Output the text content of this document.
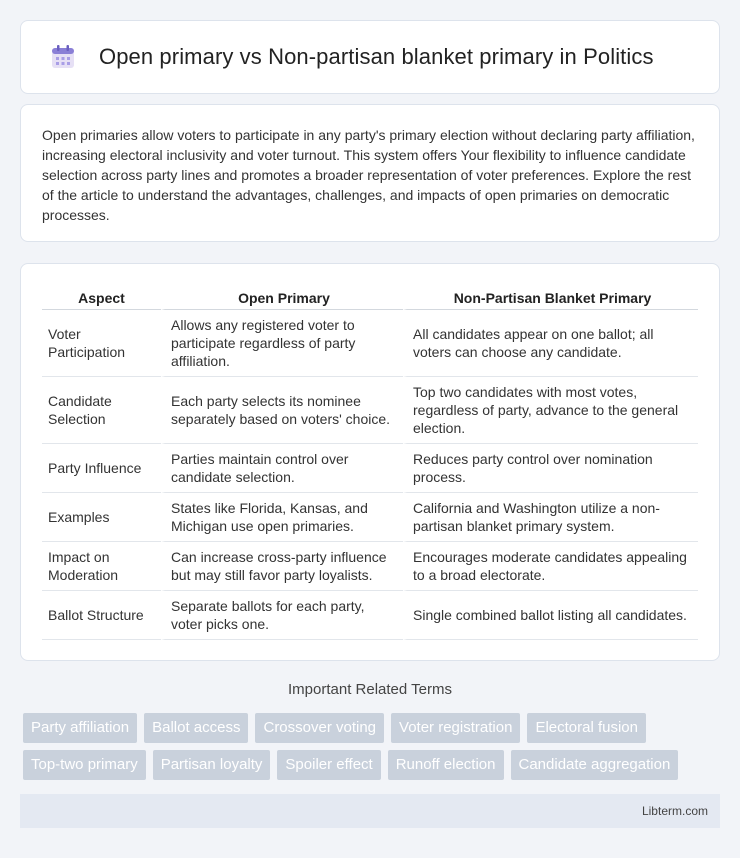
Open primary vs Non-partisan blanket primary in Politics

Open primaries allow voters to participate in any party's primary election without declaring party affiliation, increasing electoral inclusivity and voter turnout. This system offers Your flexibility to influence candidate selection across party lines and promotes a broader representation of voter preferences. Explore the rest of the article to understand the advantages, challenges, and impacts of open primaries on democratic processes.

Aspect	Open Primary	Non-Partisan Blanket Primary
Voter Participation	Allows any registered voter to participate regardless of party affiliation.	All candidates appear on one ballot; all voters can choose any candidate.
Candidate Selection	Each party selects its nominee separately based on voters' choice.	Top two candidates with most votes, regardless of party, advance to the general election.
Party Influence	Parties maintain control over candidate selection.	Reduces party control over nomination process.
Examples	States like Florida, Kansas, and Michigan use open primaries.	California and Washington utilize a non-partisan blanket primary system.
Impact on Moderation	Can increase cross-party influence but may still favor party loyalists.	Encourages moderate candidates appealing to a broad electorate.
Ballot Structure	Separate ballots for each party, voter picks one.	Single combined ballot listing all candidates.
Important Related Terms
Party affiliation	Ballot access	Crossover voting	Voter registration	Electoral fusion
Top-two primary	Partisan loyalty	Spoiler effect	Runoff election	Candidate aggregation
Libterm.com
